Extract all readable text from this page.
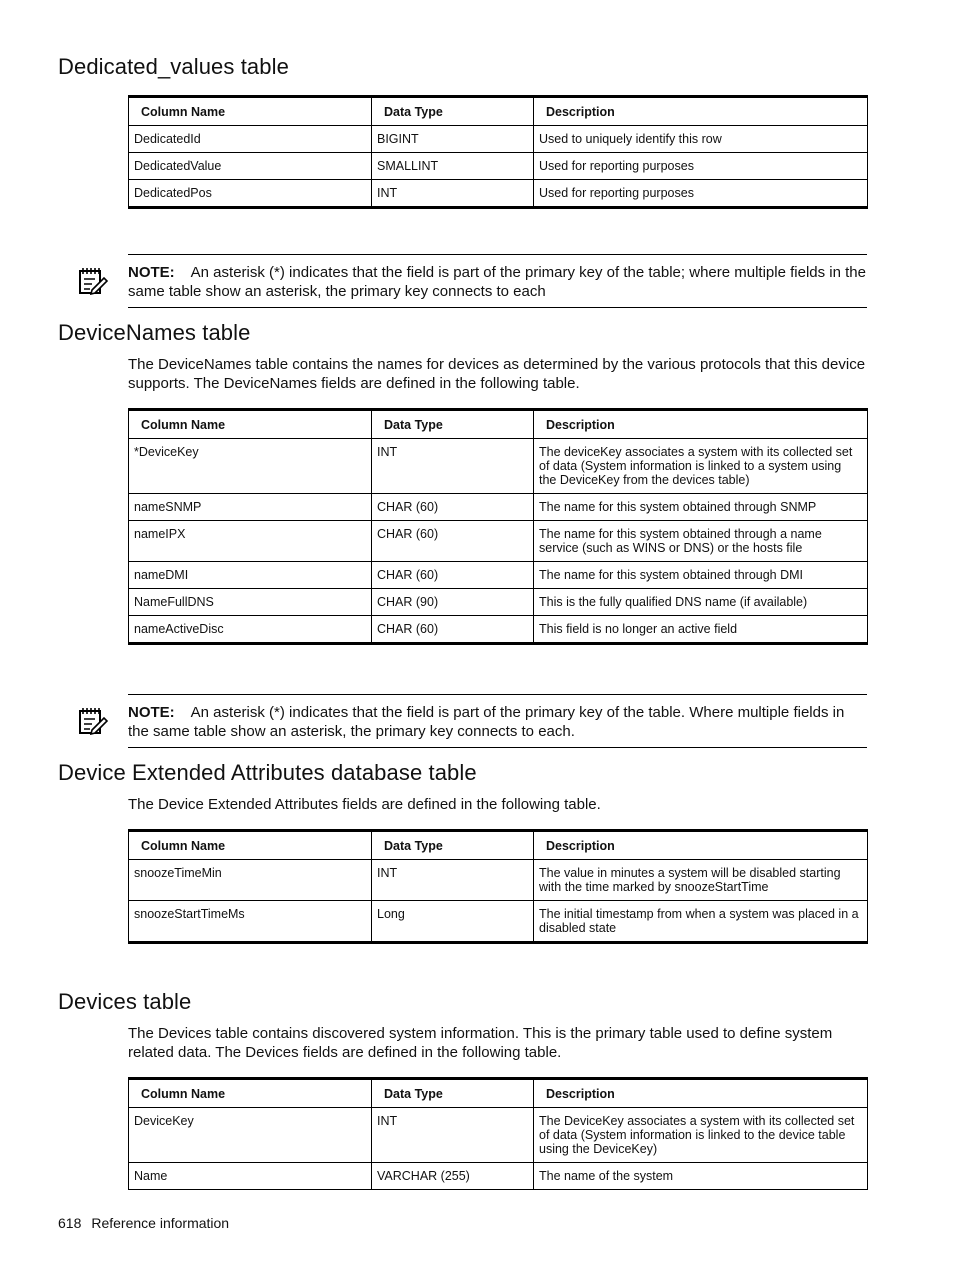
Dedicated_values table
Column Name	Data Type	Description
DedicatedId	BIGINT	Used to uniquely identify this row
DedicatedValue	SMALLINT	Used for reporting purposes
DedicatedPos	INT	Used for reporting purposes
NOTE: An asterisk (*) indicates that the field is part of the primary key of the table; where multiple fields in the same table show an asterisk, the primary key connects to each
DeviceNames table

The DeviceNames table contains the names for devices as determined by the various protocols that this device supports. The DeviceNames fields are defined in the following table.

Column Name	Data Type	Description
*DeviceKey	INT	The deviceKey associates a system with its collected set of data (System information is linked to a system using the DeviceKey from the devices table)
nameSNMP	CHAR (60)	The name for this system obtained through SNMP
nameIPX	CHAR (60)	The name for this system obtained through a name service (such as WINS or DNS) or the hosts file
nameDMI	CHAR (60)	The name for this system obtained through DMI
NameFullDNS	CHAR (90)	This is the fully qualified DNS name (if available)
nameActiveDisc	CHAR (60)	This field is no longer an active field
NOTE: An asterisk (*) indicates that the field is part of the primary key of the table. Where multiple fields in the same table show an asterisk, the primary key connects to each.
Device Extended Attributes database table

The Device Extended Attributes fields are defined in the following table.

Column Name	Data Type	Description
snoozeTimeMin	INT	The value in minutes a system will be disabled starting with the time marked by snoozeStartTime
snoozeStartTimeMs	Long	The initial timestamp from when a system was placed in a disabled state
Devices table

The Devices table contains discovered system information. This is the primary table used to define system related data. The Devices fields are defined in the following table.

Column Name	Data Type	Description
DeviceKey	INT	The DeviceKey associates a system with its collected set of data (System information is linked to the device table using the DeviceKey)
Name	VARCHAR (255)	The name of the system
618 Reference information
